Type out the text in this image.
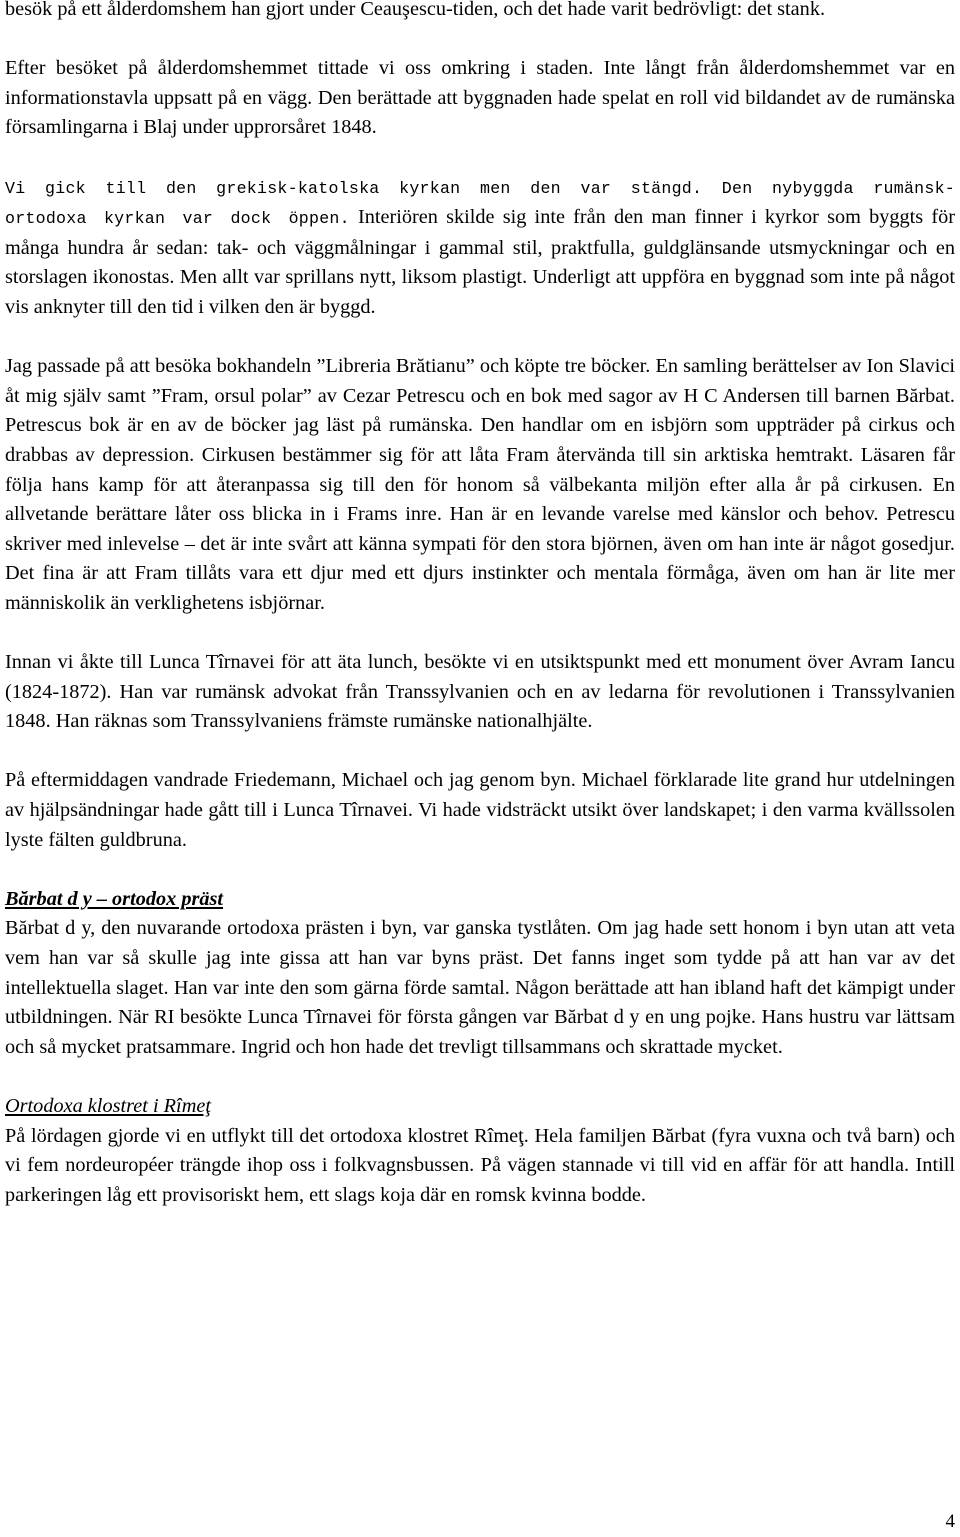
besök på ett ålderdomshem han gjort under Ceauşescu-tiden, och det hade varit bedrövligt: det stank.

Efter besöket på ålderdomshemmet tittade vi oss omkring i staden. Inte långt från ålderdomshemmet var en informationstavla uppsatt på en vägg. Den berättade att byggnaden hade spelat en roll vid bildandet av de rumänska församlingarna i Blaj under upprorsåret 1848.

Vi gick till den grekisk-katolska kyrkan men den var stängd. Den nybyggda rumänsk-ortodoxa kyrkan var dock öppen. Interiören skilde sig inte från den man finner i kyrkor som byggts för många hundra år sedan: tak- och väggmålningar i gammal stil, praktfulla, guldglänsande utsmyckningar och en storslagen ikonostas. Men allt var sprillans nytt, liksom plastigt. Underligt att uppföra en byggnad som inte på något vis anknyter till den tid i vilken den är byggd.

Jag passade på att besöka bokhandeln ”Libreria Brătianu” och köpte tre böcker. En samling berättelser av Ion Slavici åt mig själv samt ”Fram, orsul polar” av Cezar Petrescu och en bok med sagor av H C Andersen till barnen Bărbat. Petrescus bok är en av de böcker jag läst på rumänska. Den handlar om en isbjörn som uppträder på cirkus och drabbas av depression. Cirkusen bestämmer sig för att låta Fram återvända till sin arktiska hemtrakt. Läsaren får följa hans kamp för att återanpassa sig till den för honom så välbekanta miljön efter alla år på cirkusen. En allvetande berättare låter oss blicka in i Frams inre. Han är en levande varelse med känslor och behov. Petrescu skriver med inlevelse – det är inte svårt att känna sympati för den stora björnen, även om han inte är något gosedjur. Det fina är att Fram tillåts vara ett djur med ett djurs instinkter och mentala förmåga, även om han är lite mer människolik än verklighetens isbjörnar.

Innan vi åkte till Lunca Tîrnavei för att äta lunch, besökte vi en utsiktspunkt med ett monument över Avram Iancu (1824-1872). Han var rumänsk advokat från Transsylvanien och en av ledarna för revolutionen i Transsylvanien 1848. Han räknas som Transsylvaniens främste rumänske nationalhjälte.

På eftermiddagen vandrade Friedemann, Michael och jag genom byn. Michael förklarade lite grand hur utdelningen av hjälpsändningar hade gått till i Lunca Tîrnavei. Vi hade vidsträckt utsikt över landskapet; i den varma kvällssolen lyste fälten guldbruna.

Bărbat d y – ortodox präst

Bărbat d y, den nuvarande ortodoxa prästen i byn, var ganska tystlåten. Om jag hade sett honom i byn utan att veta vem han var så skulle jag inte gissa att han var byns präst. Det fanns inget som tydde på att han var av det intellektuella slaget. Han var inte den som gärna förde samtal. Någon berättade att han ibland haft det kämpigt under utbildningen. När RI besökte Lunca Tîrnavei för första gången var Bărbat d y en ung pojke. Hans hustru var lättsam och så mycket pratsammare. Ingrid och hon hade det trevligt tillsammans och skrattade mycket.

Ortodoxa klostret i Rîmeţ

På lördagen gjorde vi en utflykt till det ortodoxa klostret Rîmeţ. Hela familjen Bărbat (fyra vuxna och två barn) och vi fem nordeuropéer trängde ihop oss i folkvagnsbussen. På vägen stannade vi till vid en affär för att handla. Intill parkeringen låg ett provisoriskt hem, ett slags koja där en romsk kvinna bodde.

4
